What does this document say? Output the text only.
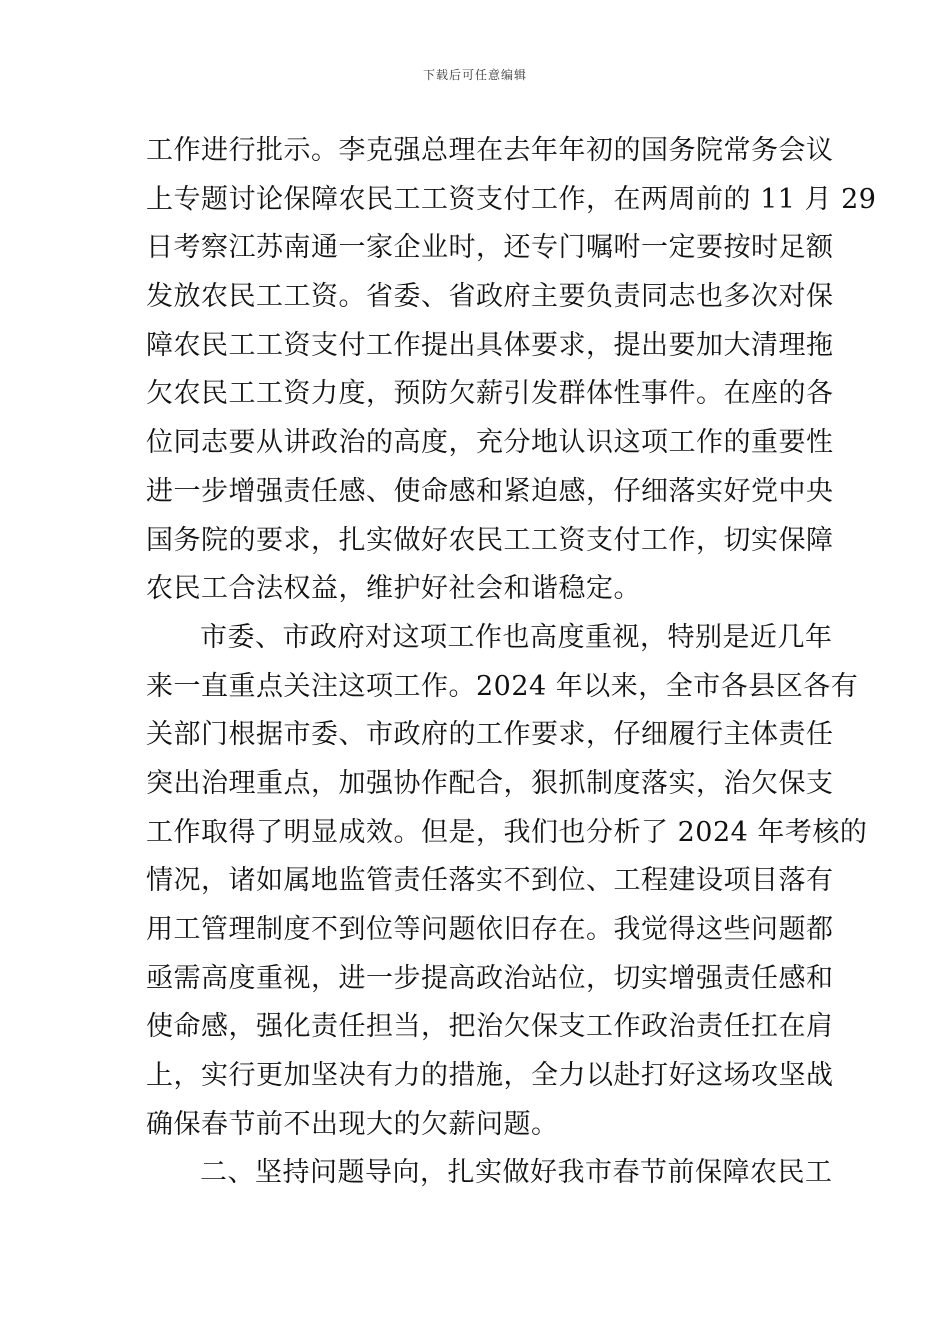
下载后可任意编辑
工作进行批示。李克强总理在去年年初的国务院常务会议
上专题讨论保障农民工工资支付工作，在两周前的 11 月 29
日考察江苏南通一家企业时，还专门嘱咐一定要按时足额
发放农民工工资。省委、省政府主要负责同志也多次对保
障农民工工资支付工作提出具体要求，提出要加大清理拖
欠农民工工资力度，预防欠薪引发群体性事件。在座的各
位同志要从讲政治的高度，充分地认识这项工作的重要性
进一步增强责任感、使命感和紧迫感，仔细落实好党中央
国务院的要求，扎实做好农民工工资支付工作，切实保障
农民工合法权益，维护好社会和谐稳定。
市委、市政府对这项工作也高度重视，特别是近几年
来一直重点关注这项工作。2024 年以来，全市各县区各有
关部门根据市委、市政府的工作要求，仔细履行主体责任
突出治理重点，加强协作配合，狠抓制度落实，治欠保支
工作取得了明显成效。但是，我们也分析了 2024 年考核的
情况，诸如属地监管责任落实不到位、工程建设项目落有
用工管理制度不到位等问题依旧存在。我觉得这些问题都
亟需高度重视，进一步提高政治站位，切实增强责任感和
使命感，强化责任担当，把治欠保支工作政治责任扛在肩
上，实行更加坚决有力的措施，全力以赴打好这场攻坚战
确保春节前不出现大的欠薪问题。
二、坚持问题导向，扎实做好我市春节前保障农民工
